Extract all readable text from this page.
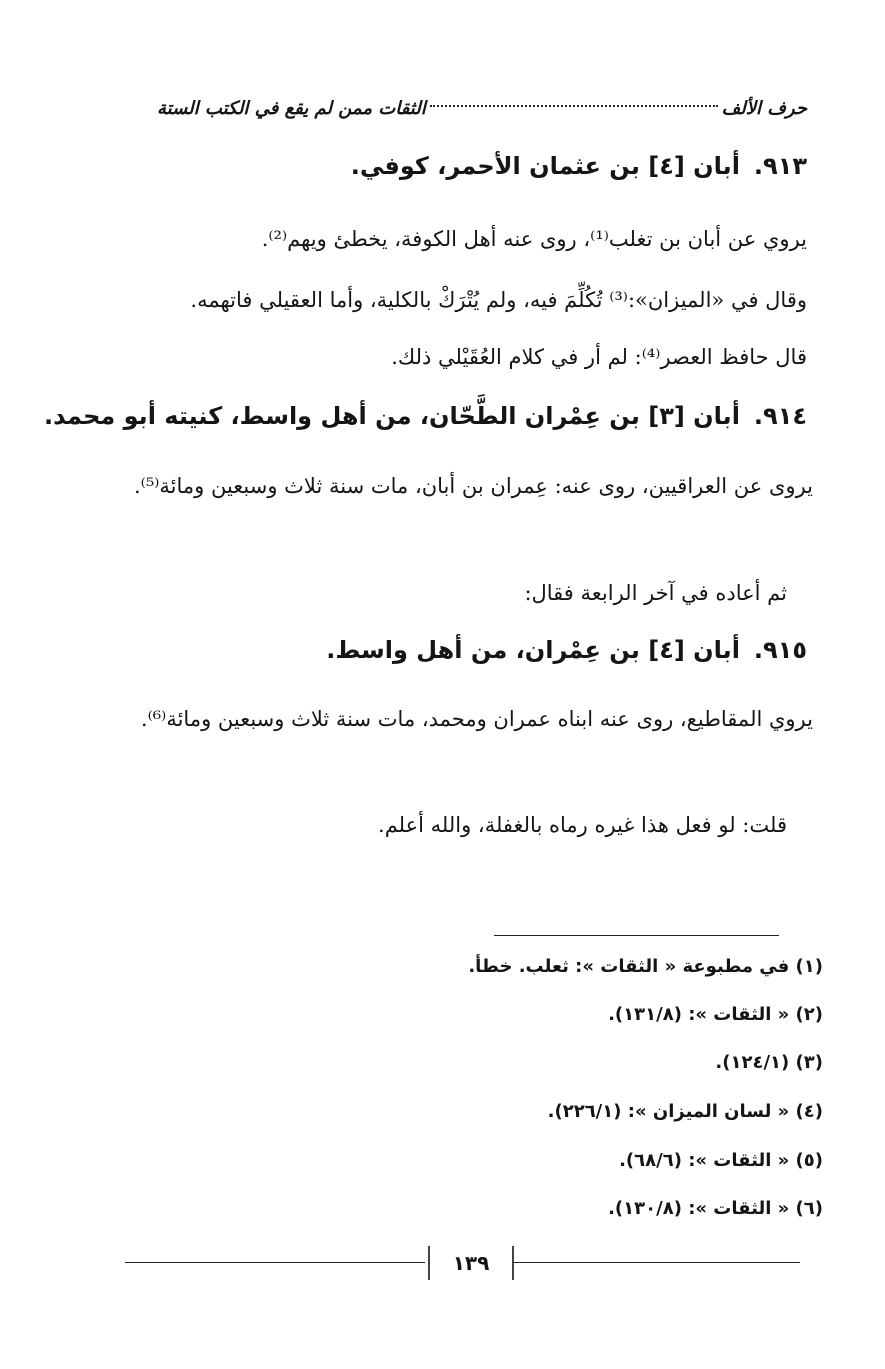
حرف الألف
الثقات ممن لم يقع في الكتب الستة
٩١٣.أبان [٤] بن عثمان الأحمر، كوفي.
يروي عن أبان بن تغلب⁽¹⁾، روى عنه أهل الكوفة، يخطئ ويهم⁽²⁾.
وقال في «الميزان»:⁽³⁾ تُكُلِّمَ فيه، ولم يُتْرَكْ بالكلية، وأما العقيلي فاتهمه.
قال حافظ العصر⁽⁴⁾: لم أر في كلام العُقَيْلي ذلك.
٩١٤.أبان [٣] بن عِمْران الطَّحّان، من أهل واسط، كنيته أبو محمد.
يروى عن العراقيين، روى عنه: عِمران بن أبان، مات سنة ثلاث وسبعين ومائة⁽⁵⁾.
ثم أعاده في آخر الرابعة فقال:
٩١٥.أبان [٤] بن عِمْران، من أهل واسط.
يروي المقاطيع، روى عنه ابناه عمران ومحمد، مات سنة ثلاث وسبعين ومائة⁽⁶⁾.
قلت: لو فعل هذا غيره رماه بالغفلة، والله أعلم.
(١) في مطبوعة « الثقات »: ثعلب. خطأ.
(٢) « الثقات »: (١٣١/٨).
(٣) (١٢٤/١).
(٤) « لسان الميزان »: (٢٢٦/١).
(٥) « الثقات »: (٦٨/٦).
(٦) « الثقات »: (١٣٠/٨).
١٣٩
